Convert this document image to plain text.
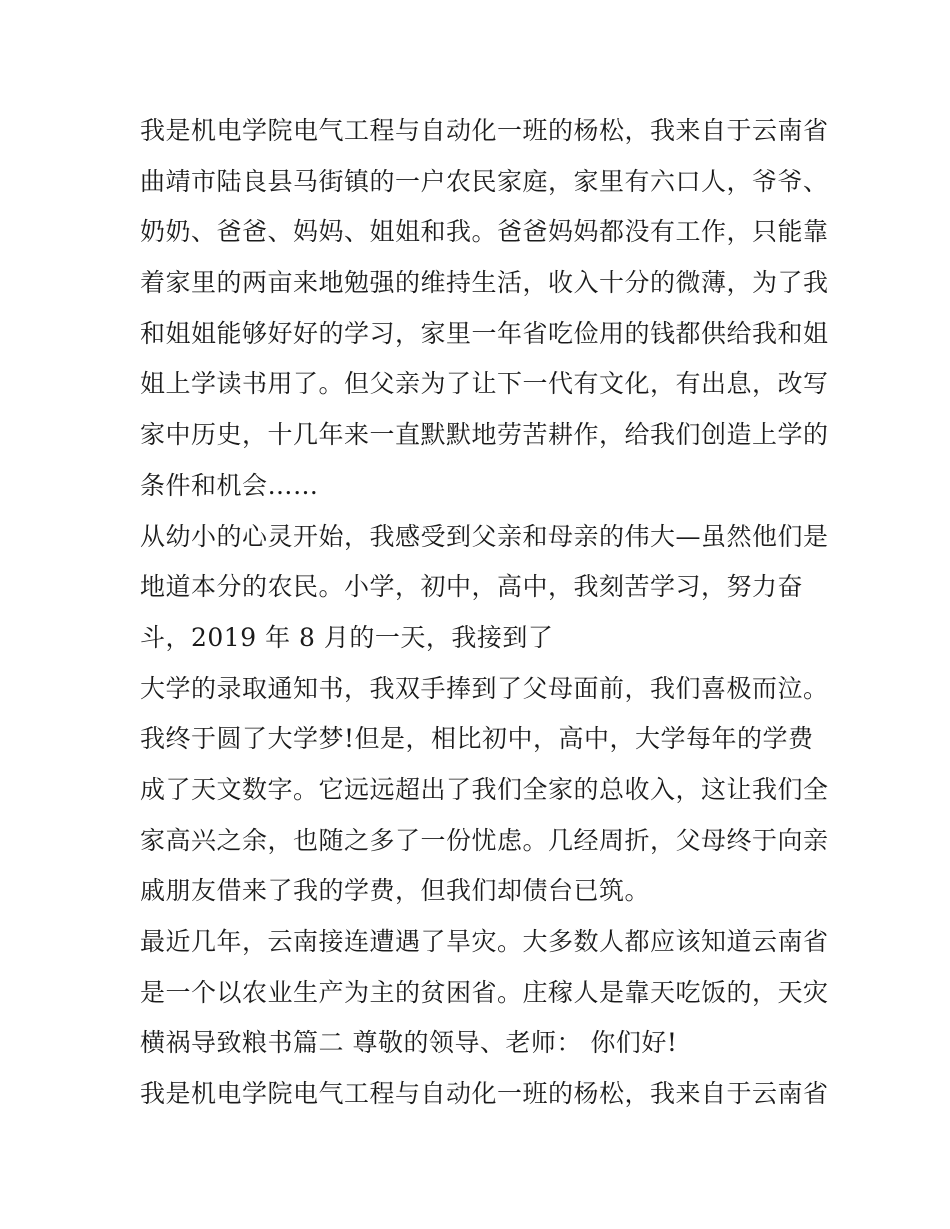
我是机电学院电气工程与自动化一班的杨松，我来自于云南省
曲靖市陆良县马街镇的一户农民家庭，家里有六口人，爷爷、
奶奶、爸爸、妈妈、姐姐和我。爸爸妈妈都没有工作，只能靠
着家里的两亩来地勉强的维持生活，收入十分的微薄，为了我
和姐姐能够好好的学习，家里一年省吃俭用的钱都供给我和姐
姐上学读书用了。但父亲为了让下一代有文化，有出息，改写
家中历史，十几年来一直默默地劳苦耕作，给我们创造上学的
条件和机会……
从幼小的心灵开始，我感受到父亲和母亲的伟大—虽然他们是
地道本分的农民。小学，初中，高中，我刻苦学习，努力奋
斗，2019 年 8 月的一天，我接到了
大学的录取通知书，我双手捧到了父母面前，我们喜极而泣。
我终于圆了大学梦!但是，相比初中，高中，大学每年的学费
成了天文数字。它远远超出了我们全家的总收入，这让我们全
家高兴之余，也随之多了一份忧虑。几经周折，父母终于向亲
戚朋友借来了我的学费，但我们却债台已筑。
最近几年，云南接连遭遇了旱灾。大多数人都应该知道云南省
是一个以农业生产为主的贫困省。庄稼人是靠天吃饭的，天灾
横祸导致粮书篇二 尊敬的领导、老师： 你们好!
我是机电学院电气工程与自动化一班的杨松，我来自于云南省
